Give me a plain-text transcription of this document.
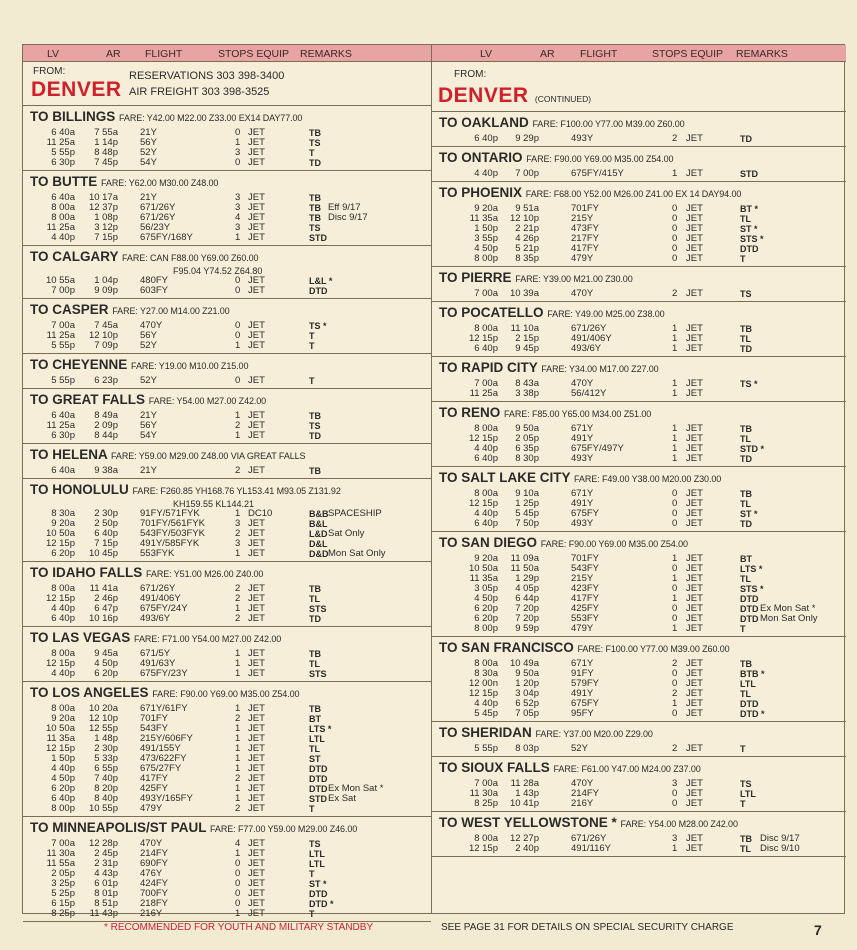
LV	AR FLIGHT	STOPS EQUIP REMARKS
FROM:
DENVER
RESERVATIONS 303 398-3400
AIR FREIGHT 303 398-3525
TO BILLINGS FARE: Y42.00 M22.00 Z33.00 EX14 DAY77.00
6 40a 7 55a 21Y	0 JET	TB
11 25a 1 14p 56Y	1 JET	TS
5 55p 8 48p 52Y	3 JET	T
6 30p 7 45p 54Y	0 JET	TD
TO BUTTE FARE: Y62.00 M30.00 Z48.00
6 40a 10 17a 21Y	3 JET	TB
8 00a 12 37p 671/26Y	3 JET	TB Eff 9/17
8 00a 1 08p 671/26Y	4 JET	TB Disc 9/17
11 25a 3 12p 56/23Y	3 JET	TS
4 40p 7 15p 675FY/168Y	1 JET	STD
TO CALGARY FARE: CAN F88.00 Y69.00 Z60.00
F95.04 Y74.52 Z64.80
10 55a 1 04p 480FY	0 JET	L&L *
7 00p 9 09p 603FY	0 JET	DTD
TO CASPER FARE: Y27.00 M14.00 Z21.00
7 00a 7 45a 470Y	0 JET	TS *
11 25a 12 10p 56Y	0 JET	T
5 55p 7 09p 52Y	1 JET	T
TO CHEYENNE FARE: Y19.00 M10.00 Z15.00
5 55p 6 23p 52Y	0 JET	T
TO GREAT FALLS FARE: Y54.00 M27.00 Z42.00
6 40a 8 49a 21Y	1 JET	TB
11 25a 2 09p 56Y	2 JET	TS
6 30p 8 44p 54Y	1 JET	TD
TO HELENA FARE: Y59.00 M29.00 Z48.00 VIA GREAT FALLS
6 40a 9 38a 21Y	2 JET	TB
TO HONOLULU FARE: F260.85 YH168.76 YL153.41 M93.05 Z131.92
KH159.55 KL144.21
8 30a 2 30p 91FY/571FYK	1 DC10	B&B SPACESHIP
9 20a 2 50p 701FY/561FYK	3 JET	B&L
10 50a 6 40p 543FY/503FYK	2 JET	L&D Sat Only
12 15p 7 15p 491Y/585FYK	3 JET	D&L
6 20p 10 45p 553FYK	1 JET	D&D Mon Sat Only
TO IDAHO FALLS FARE: Y51.00 M26.00 Z40.00
8 00a 11 41a 671/26Y	2 JET	TB
12 15p 2 46p 491/406Y	2 JET	TL
4 40p 6 47p 675FY/24Y	1 JET	STS
6 40p 10 16p 493/6Y	2 JET	TD
TO LAS VEGAS FARE: F71.00 Y54.00 M27.00 Z42.00
8 00a 9 45a 671/5Y	1 JET	TB
12 15p 4 50p 491/63Y	1 JET	TL
4 40p 6 20p 675FY/23Y	1 JET	STS
TO LOS ANGELES FARE: F90.00 Y69.00 M35.00 Z54.00
8 00a 10 20a 671Y/61FY	1 JET	TB
9 20a 12 10p 701FY	2 JET	BT
10 50a 12 55p 543FY	1 JET	LTS *
11 35a 1 48p 215Y/606FY	1 JET	LTL
12 15p 2 30p 491/155Y	1 JET	TL
1 50p 5 33p 473/622FY	1 JET	ST
4 40p 6 55p 675/27FY	1 JET	DTD
4 50p 7 40p 417FY	2 JET	DTD
6 20p 8 20p 425FY	1 JET	DTD Ex Mon Sat *
6 40p 8 40p 493Y/165FY	1 JET	STD Ex Sat
8 00p 10 55p 479Y	2 JET	T
TO MINNEAPOLIS/ST PAUL FARE: F77.00 Y59.00 M29.00 Z46.00
7 00a 12 28p 470Y	4 JET	TS
11 30a 2 45p 214FY	1 JET	LTL
11 55a 2 31p 690FY	0 JET	LTL
2 05p 4 43p 476Y	0 JET	T
3 25p 6 01p 424FY	0 JET	ST *
5 25p 8 01p 700FY	0 JET	DTD
6 15p 8 51p 218FY	0 JET	DTD *
8 25p 11 43p 216Y	1 JET	T
LV	AR FLIGHT	STOPS EQUIP REMARKS
FROM:
DENVER (CONTINUED)
TO OAKLAND FARE: F100.00 Y77.00 M39.00 Z60.00
6 40p 9 29p	493Y	2 JET	TD
TO ONTARIO FARE: F90.00 Y69.00 M35.00 Z54.00
4 40p 7 00p	675FY/415Y	1 JET	STD
TO PHOENIX FARE: F68.00 Y52.00 M26.00 Z41.00 EX 14 DAY94.00
9 20a 9 51a	701FY	0 JET	BT *
11 35a 12 10p	215Y	0 JET	TL
1 50p 2 21p	473FY	0 JET	ST *
3 55p 4 26p	217FY	0 JET	STS *
4 50p 5 21p	417FY	0 JET	DTD
8 00p 8 35p	479Y	0 JET	T
TO PIERRE FARE: Y39.00 M21.00 Z30.00
7 00a 10 39a	470Y	2 JET	TS
TO POCATELLO FARE: Y49.00 M25.00 Z38.00
8 00a 11 10a	671/26Y	1 JET	TB
12 15p 2 15p	491/406Y	1 JET	TL
6 40p 9 45p	493/6Y	1 JET	TD
TO RAPID CITY FARE: Y34.00 M17.00 Z27.00
7 00a 8 43a	470Y	1 JET	TS *
11 25a 3 38p	56/412Y	1 JET
TO RENO FARE: F85.00 Y65.00 M34.00 Z51.00
8 00a 9 50a	671Y	1 JET	TB
12 15p 2 05p	491Y	1 JET	TL
4 40p 6 35p	675FY/497Y	1 JET	STD *
6 40p 8 30p	493Y	1 JET	TD
TO SALT LAKE CITY FARE: F49.00 Y38.00 M20.00 Z30.00
8 00a 9 10a	671Y	0 JET	TB
12 15p 1 25p	491Y	0 JET	TL
4 40p 5 45p	675FY	0 JET	ST *
6 40p 7 50p	493Y	0 JET	TD
TO SAN DIEGO FARE: F90.00 Y69.00 M35.00 Z54.00
9 20a 11 09a	701FY	1 JET	BT
10 50a 11 50a	543FY	0 JET	LTS *
11 35a 1 29p	215Y	1 JET	TL
3 05p 4 05p	423FY	0 JET	STS *
4 50p 6 44p	417FY	1 JET	DTD
6 20p 7 20p	425FY	0 JET	DTD Ex Mon Sat *
6 20p 7 20p	553FY	0 JET	DTD Mon Sat Only
8 00p 9 59p	479Y	1 JET	T
TO SAN FRANCISCO FARE: F100.00 Y77.00 M39.00 Z60.00
8 00a 10 49a	671Y	2 JET	TB
8 30a 9 50a	91FY	0 JET	BTB *
12 00n 1 20p	579FY	0 JET	LTL
12 15p 3 04p	491Y	2 JET	TL
4 40p 6 52p	675FY	1 JET	DTD
5 45p 7 05p	95FY	0 JET	DTD *
TO SHERIDAN FARE: Y37.00 M20.00 Z29.00
5 55p 8 03p	52Y	2 JET	T
TO SIOUX FALLS FARE: F61.00 Y47.00 M24.00 Z37.00
7 00a 11 28a	470Y	3 JET	TS
11 30a 1 43p	214FY	0 JET	LTL
8 25p 10 41p	216Y	0 JET	T
TO WEST YELLOWSTONE * FARE: Y54.00 M28.00 Z42.00
8 00a 12 27p	671/26Y	3 JET	TB Disc 9/17
12 15p 2 40p	491/116Y	1 JET	TL Disc 9/10
* RECOMMENDED FOR YOUTH AND MILITARY STANDBY	SEE PAGE 31 FOR DETAILS ON SPECIAL SECURITY CHARGE	7
